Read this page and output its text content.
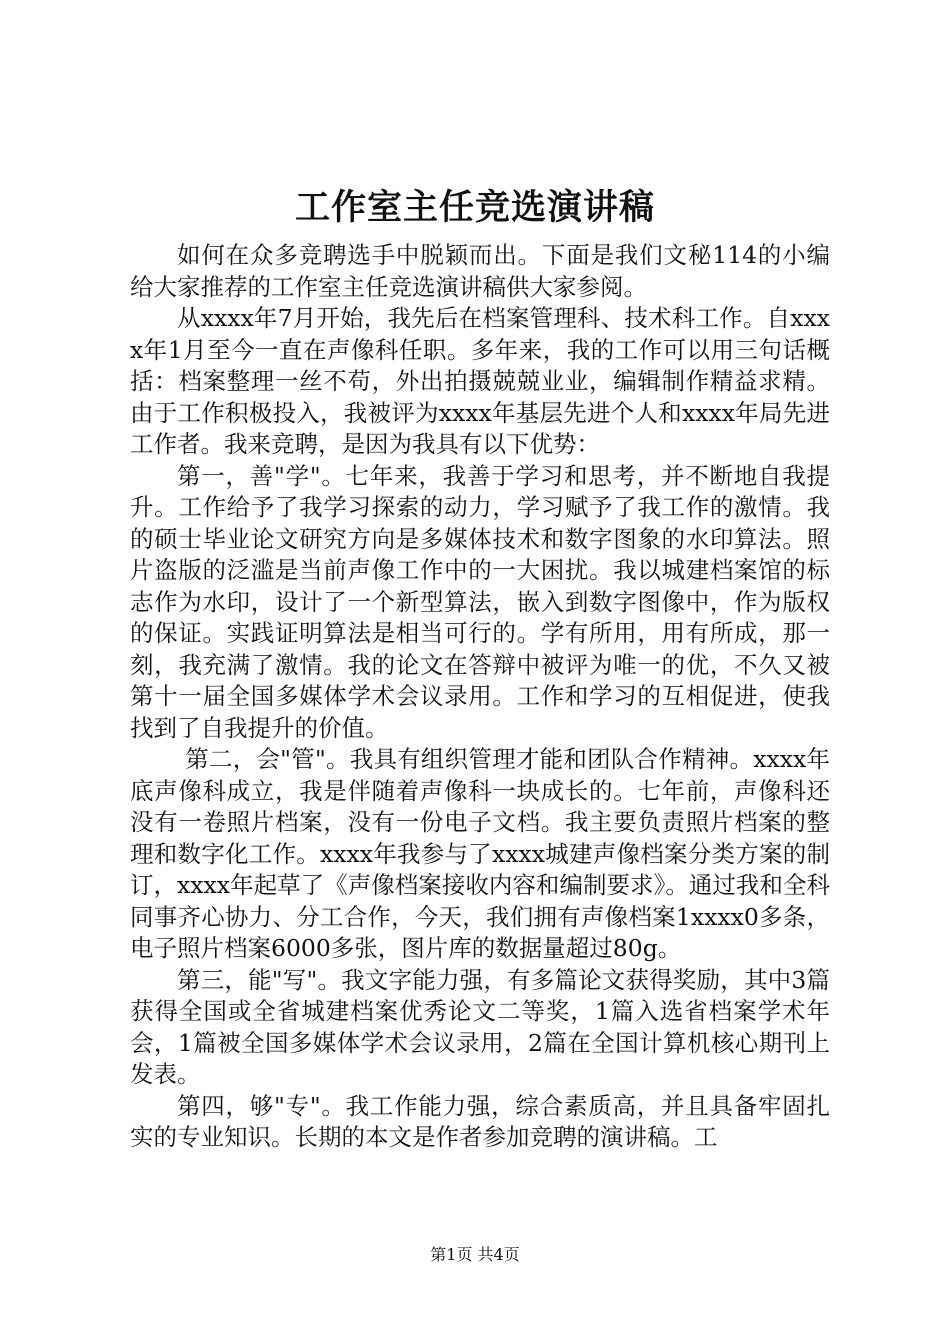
工作室主任竞选演讲稿

如何在众多竞聘选手中脱颖而出。下面是我们文秘114的小编给大家推荐的工作室主任竞选演讲稿供大家参阅。

从xxxx年7月开始，我先后在档案管理科、技术科工作。自xxxx年1月至今一直在声像科任职。多年来，我的工作可以用三句话概括：档案整理一丝不苟，外出拍摄兢兢业业，编辑制作精益求精。由于工作积极投入，我被评为xxxx年基层先进个人和xxxx年局先进工作者。我来竞聘，是因为我具有以下优势：

第一，善"学"。七年来，我善于学习和思考，并不断地自我提升。工作给予了我学习探索的动力，学习赋予了我工作的激情。我的硕士毕业论文研究方向是多媒体技术和数字图象的水印算法。照片盗版的泛滥是当前声像工作中的一大困扰。我以城建档案馆的标志作为水印，设计了一个新型算法，嵌入到数字图像中，作为版权的保证。实践证明算法是相当可行的。学有所用，用有所成，那一刻，我充满了激情。我的论文在答辩中被评为唯一的优，不久又被第十一届全国多媒体学术会议录用。工作和学习的互相促进，使我找到了自我提升的价值。

第二，会"管"。我具有组织管理才能和团队合作精神。xxxx年底声像科成立，我是伴随着声像科一块成长的。七年前，声像科还没有一卷照片档案，没有一份电子文档。我主要负责照片档案的整理和数字化工作。xxxx年我参与了xxxx城建声像档案分类方案的制订，xxxx年起草了《声像档案接收内容和编制要求》。通过我和全科同事齐心协力、分工合作，今天，我们拥有声像档案1xxxx0多条，电子照片档案6000多张，图片库的数据量超过80g。

第三，能"写"。我文字能力强，有多篇论文获得奖励，其中3篇获得全国或全省城建档案优秀论文二等奖，1篇入选省档案学术年会，1篇被全国多媒体学术会议录用，2篇在全国计算机核心期刊上发表。

第四，够"专"。我工作能力强，综合素质高，并且具备牢固扎实的专业知识。长期的本文是作者参加竞聘的演讲稿。工

第1页 共4页
